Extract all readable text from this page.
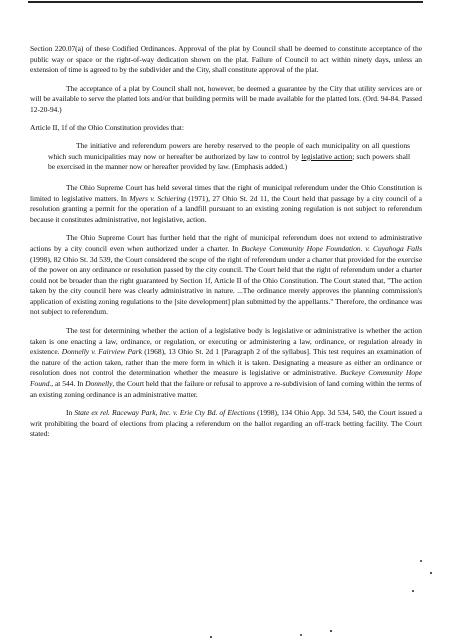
Section 220.07(a) of these Codified Ordinances. Approval of the plat by Council shall be deemed to constitute acceptance of the public way or space or the right-of-way dedication shown on the plat. Failure of Council to act within ninety days, unless an extension of time is agreed to by the subdivider and the City, shall constitute approval of the plat.

The acceptance of a plat by Council shall not, however, be deemed a guarantee by the City that utility services are or will be available to serve the platted lots and/or that building permits will be made available for the platted lots. (Ord. 94-84. Passed 12-20-94.)

Article II, 1f of the Ohio Constitution provides that:

The initiative and referendum powers are hereby reserved to the people of each municipality on all questions which such municipalities may now or hereafter be authorized by law to control by legislative action; such powers shall be exercised in the manner now or hereafter provided by law. (Emphasis added.)

The Ohio Supreme Court has held several times that the right of municipal referendum under the Ohio Constitution is limited to legislative matters. In Myers v. Schiering (1971), 27 Ohio St. 2d 11, the Court held that passage by a city council of a resolution granting a permit for the operation of a landfill pursuant to an existing zoning regulation is not subject to referendum because it constitutes administrative, not legislative, action.

The Ohio Supreme Court has further held that the right of municipal referendum does not extend to administrative actions by a city council even when authorized under a charter. In Buckeye Community Hope Foundation. v. Cuyahoga Falls (1998), 82 Ohio St. 3d 539, the Court considered the scope of the right of referendum under a charter that provided for the exercise of the power on any ordinance or resolution passed by the city council. The Court held that the right of referendum under a charter could not be broader than the right guaranteed by Section 1f, Article II of the Ohio Constitution. The Court stated that, "The action taken by the city council here was clearly administrative in nature. ...The ordinance merely approves the planning commission's application of existing zoning regulations to the [site development] plan submitted by the appellants." Therefore, the ordinance was not subject to referendum.

The test for determining whether the action of a legislative body is legislative or administrative is whether the action taken is one enacting a law, ordinance, or regulation, or executing or administering a law, ordinance, or regulation already in existence. Donnelly v. Fairview Park (1968), 13 Ohio St. 2d 1 [Paragraph 2 of the syllabus]. This test requires an examination of the nature of the action taken, rather than the mere form in which it is taken. Designating a measure as either an ordinance or resolution does not control the determination whether the measure is legislative or administrative. Buckeye Community Hope Found., at 544. In Donnelly, the Court held that the failure or refusal to approve a re-subdivision of land coming within the terms of an existing zoning ordinance is an administrative matter.

In State ex rel. Raceway Park, Inc. v. Erie Cty Bd. of Elections (1998), 134 Ohio App. 3d 534, 540, the Court issued a writ prohibiting the board of elections from placing a referendum on the ballot regarding an off-track betting facility. The Court stated:
